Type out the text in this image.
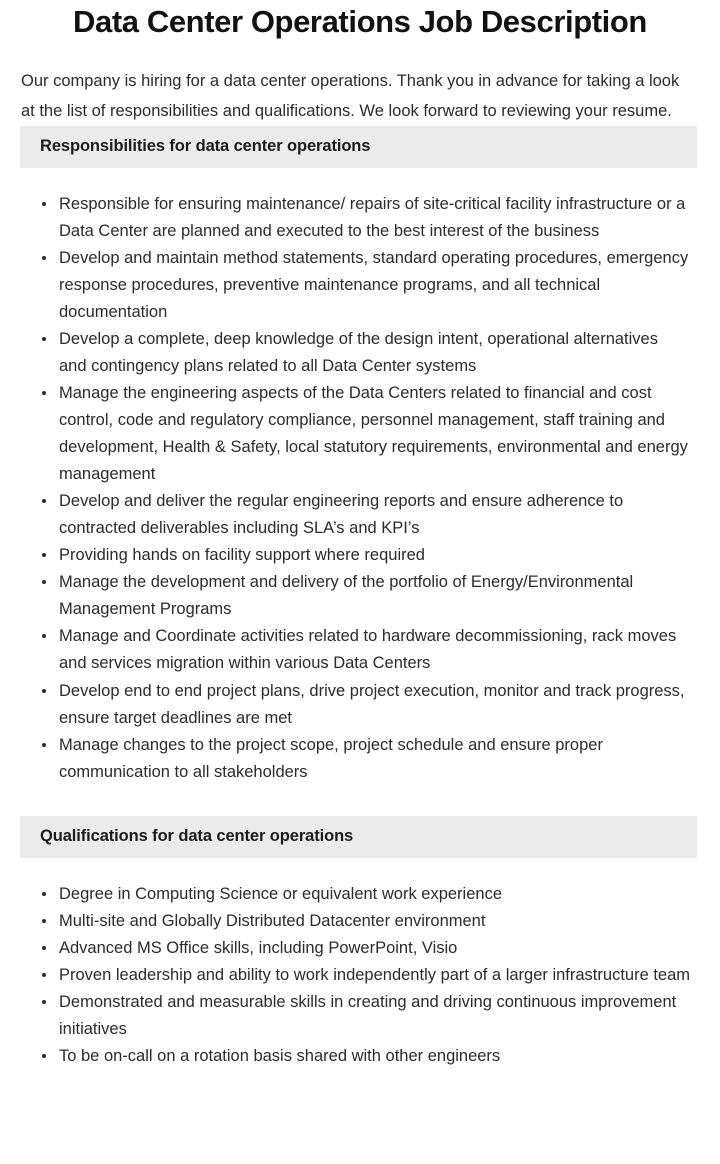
Data Center Operations Job Description

Our company is hiring for a data center operations. Thank you in advance for taking a look at the list of responsibilities and qualifications. We look forward to reviewing your resume.

Responsibilities for data center operations
Responsible for ensuring maintenance/ repairs of site-critical facility infrastructure or a Data Center are planned and executed to the best interest of the business
Develop and maintain method statements, standard operating procedures, emergency response procedures, preventive maintenance programs, and all technical documentation
Develop a complete, deep knowledge of the design intent, operational alternatives and contingency plans related to all Data Center systems
Manage the engineering aspects of the Data Centers related to financial and cost control, code and regulatory compliance, personnel management, staff training and development, Health & Safety, local statutory requirements, environmental and energy management
Develop and deliver the regular engineering reports and ensure adherence to contracted deliverables including SLA’s and KPI’s
Providing hands on facility support where required
Manage the development and delivery of the portfolio of Energy/Environmental Management Programs
Manage and Coordinate activities related to hardware decommissioning, rack moves and services migration within various Data Centers
Develop end to end project plans, drive project execution, monitor and track progress, ensure target deadlines are met
Manage changes to the project scope, project schedule and ensure proper communication to all stakeholders
Qualifications for data center operations
Degree in Computing Science or equivalent work experience
Multi-site and Globally Distributed Datacenter environment
Advanced MS Office skills, including PowerPoint, Visio
Proven leadership and ability to work independently part of a larger infrastructure team
Demonstrated and measurable skills in creating and driving continuous improvement initiatives
To be on-call on a rotation basis shared with other engineers
